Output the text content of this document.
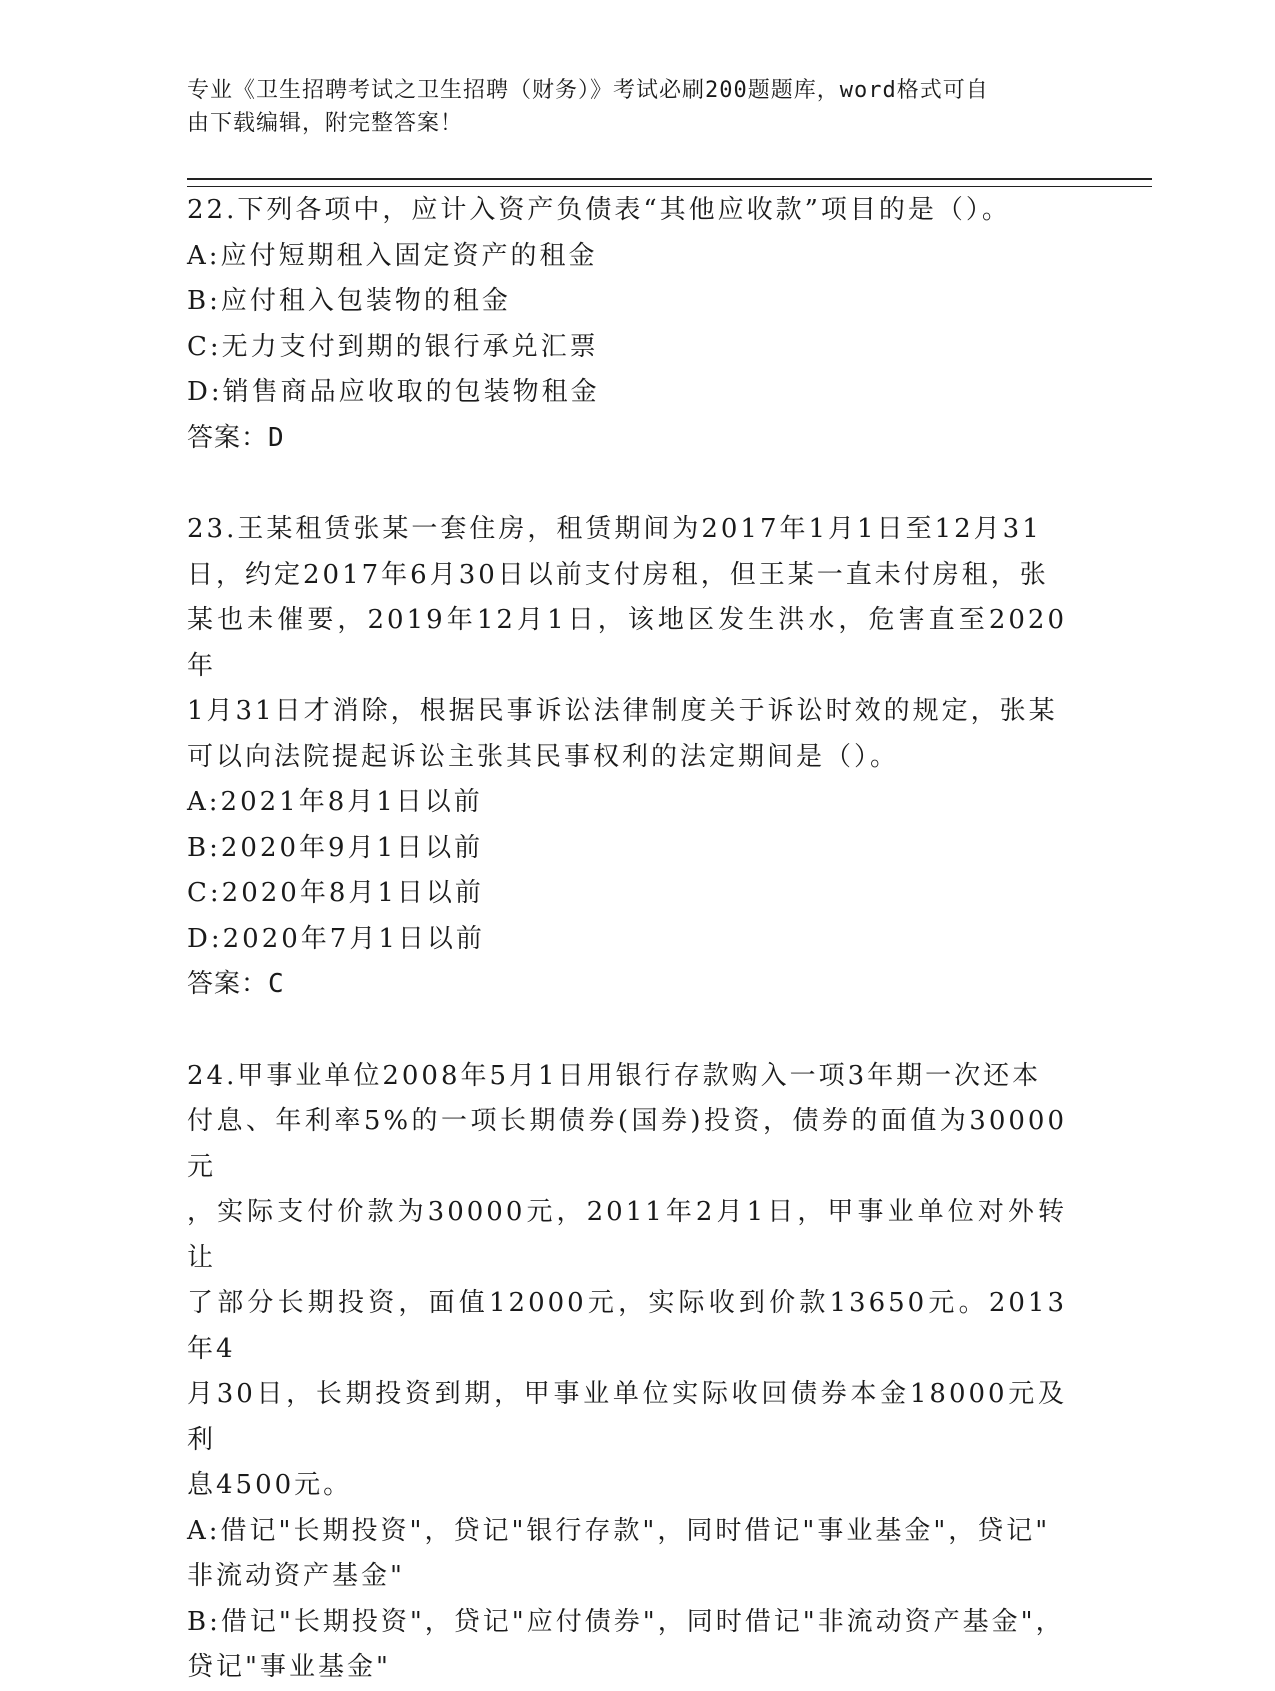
专业《卫生招聘考试之卫生招聘（财务）》考试必刷200题题库，word格式可自
由下载编辑，附完整答案！

22.下列各项中，应计入资产负债表“其他应收款”项目的是（）。

A:应付短期租入固定资产的租金

B:应付租入包装物的租金

C:无力支付到期的银行承兑汇票

D:销售商品应收取的包装物租金

答案：D

23.王某租赁张某一套住房，租赁期间为2017年1月1日至12月31

日，约定2017年6月30日以前支付房租，但王某一直未付房租，张

某也未催要，2019年12月1日，该地区发生洪水，危害直至2020年

1月31日才消除，根据民事诉讼法律制度关于诉讼时效的规定，张某

可以向法院提起诉讼主张其民事权利的法定期间是（）。

A:2021年8月1日以前

B:2020年9月1日以前

C:2020年8月1日以前

D:2020年7月1日以前

答案：C

24.甲事业单位2008年5月1日用银行存款购入一项3年期一次还本

付息、年利率5%的一项长期债券(国券)投资，债券的面值为30000元

，实际支付价款为30000元，2011年2月1日，甲事业单位对外转让

了部分长期投资，面值12000元，实际收到价款13650元。2013年4

月30日，长期投资到期，甲事业单位实际收回债券本金18000元及利

息4500元。

A:借记"长期投资"，贷记"银行存款"，同时借记"事业基金"，贷记"

非流动资产基金"

B:借记"长期投资"，贷记"应付债券"，同时借记"非流动资产基金"，

贷记"事业基金"
